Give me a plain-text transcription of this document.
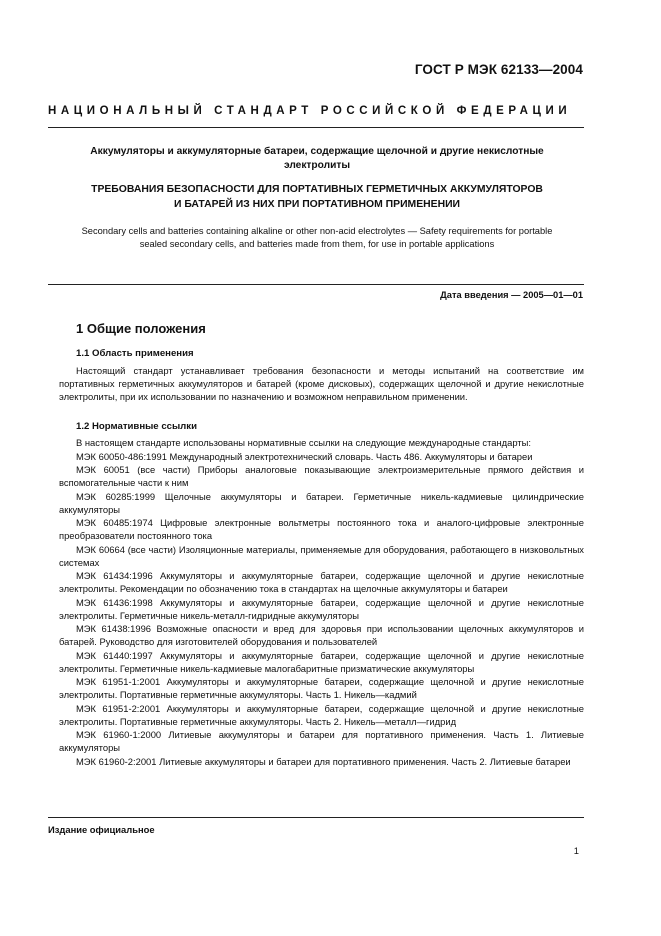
ГОСТ Р МЭК 62133—2004
НАЦИОНАЛЬНЫЙ СТАНДАРТ РОССИЙСКОЙ ФЕДЕРАЦИИ
Аккумуляторы и аккумуляторные батареи, содержащие щелочной и другие некислотные электролиты
ТРЕБОВАНИЯ БЕЗОПАСНОСТИ ДЛЯ ПОРТАТИВНЫХ ГЕРМЕТИЧНЫХ АККУМУЛЯТОРОВ
И БАТАРЕЙ ИЗ НИХ ПРИ ПОРТАТИВНОМ ПРИМЕНЕНИИ
Secondary cells and batteries containing alkaline or other non-acid electrolytes — Safety requirements for portable
sealed secondary cells, and batteries made from them, for use in portable applications
Дата введения — 2005—01—01
1 Общие положения
1.1 Область применения

Настоящий стандарт устанавливает требования безопасности и методы испытаний на соответствие им портативных герметичных аккумуляторов и батарей (кроме дисковых), содержащих щелочной и другие некислотные электролиты, при их использовании по назначению и возможном неправильном применении.

1.2 Нормативные ссылки

В настоящем стандарте использованы нормативные ссылки на следующие международные стандарты:

МЭК 60050-486:1991 Международный электротехнический словарь. Часть 486. Аккумуляторы и батареи

МЭК 60051 (все части) Приборы аналоговые показывающие электроизмерительные прямого действия и вспомогательные части к ним

МЭК 60285:1999 Щелочные аккумуляторы и батареи. Герметичные никель-кадмиевые цилиндрические аккумуляторы

МЭК 60485:1974 Цифровые электронные вольтметры постоянного тока и аналого-цифровые электронные преобразователи постоянного тока

МЭК 60664 (все части) Изоляционные материалы, применяемые для оборудования, работающего в низковольтных системах

МЭК 61434:1996 Аккумуляторы и аккумуляторные батареи, содержащие щелочной и другие некислотные электролиты. Рекомендации по обозначению тока в стандартах на щелочные аккумуляторы и батареи

МЭК 61436:1998 Аккумуляторы и аккумуляторные батареи, содержащие щелочной и другие некислотные электролиты. Герметичные никель-металл-гидридные аккумуляторы

МЭК 61438:1996 Возможные опасности и вред для здоровья при использовании щелочных аккумуляторов и батарей. Руководство для изготовителей оборудования и пользователей

МЭК 61440:1997 Аккумуляторы и аккумуляторные батареи, содержащие щелочной и другие некислотные электролиты. Герметичные никель-кадмиевые малогабаритные призматические аккумуляторы

МЭК 61951-1:2001 Аккумуляторы и аккумуляторные батареи, содержащие щелочной и другие некислотные электролиты. Портативные герметичные аккумуляторы. Часть 1. Никель—кадмий

МЭК 61951-2:2001 Аккумуляторы и аккумуляторные батареи, содержащие щелочной и другие некислотные электролиты. Портативные герметичные аккумуляторы. Часть 2. Никель—металл—гидрид

МЭК 61960-1:2000 Литиевые аккумуляторы и батареи для портативного применения. Часть 1. Литиевые аккумуляторы

МЭК 61960-2:2001 Литиевые аккумуляторы и батареи для портативного применения. Часть 2. Литиевые батареи

Издание официальное
1
